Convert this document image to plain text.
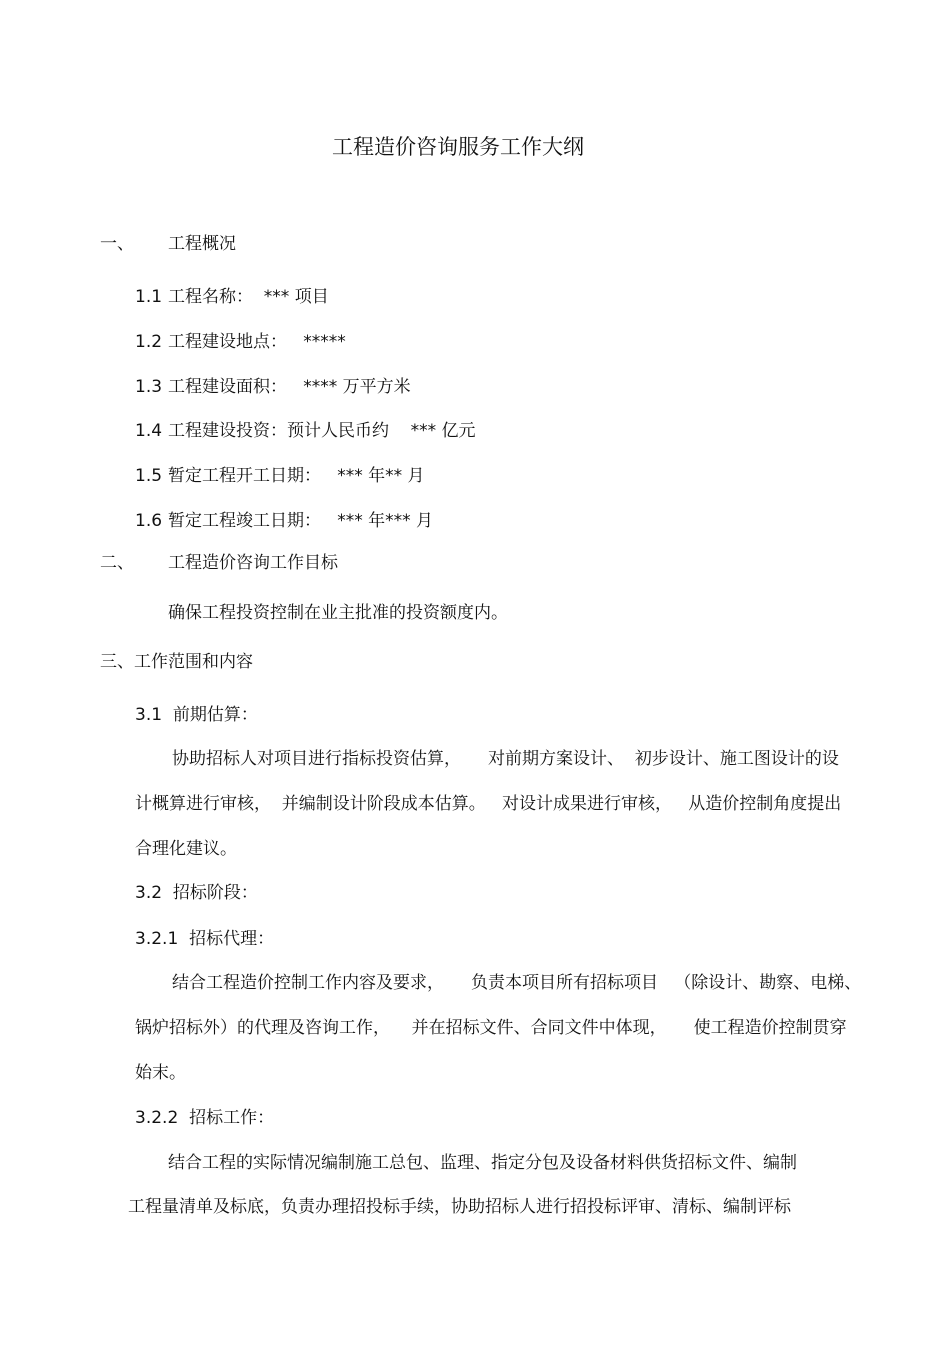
工程造价咨询服务工作大纲
一、 工程概况
1.1 工程名称：  *** 项目
1.2 工程建设地点：   *****
1.3 工程建设面积：   **** 万平方米
1.4 工程建设投资：预计人民币约    *** 亿元
1.5 暂定工程开工日期：   *** 年** 月
1.6 暂定工程竣工日期：   *** 年*** 月
二、 工程造价咨询工作目标
确保工程投资控制在业主批准的投资额度内。
三、工作范围和内容
3.1  前期估算：
协助招标人对项目进行指标投资估算，     对前期方案设计、  初步设计、施工图设计的设
计概算进行审核，  并编制设计阶段成本估算。   对设计成果进行审核，   从造价控制角度提出
合理化建议。
3.2  招标阶段：
3.2.1  招标代理：
结合工程造价控制工作内容及要求，     负责本项目所有招标项目   （除设计、勘察、电梯、
锅炉招标外）的代理及咨询工作，    并在招标文件、合同文件中体现，     使工程造价控制贯穿
始末。
3.2.2  招标工作：
结合工程的实际情况编制施工总包、监理、指定分包及设备材料供货招标文件、编制
工程量清单及标底，负责办理招投标手续，协助招标人进行招投标评审、清标、编制评标
